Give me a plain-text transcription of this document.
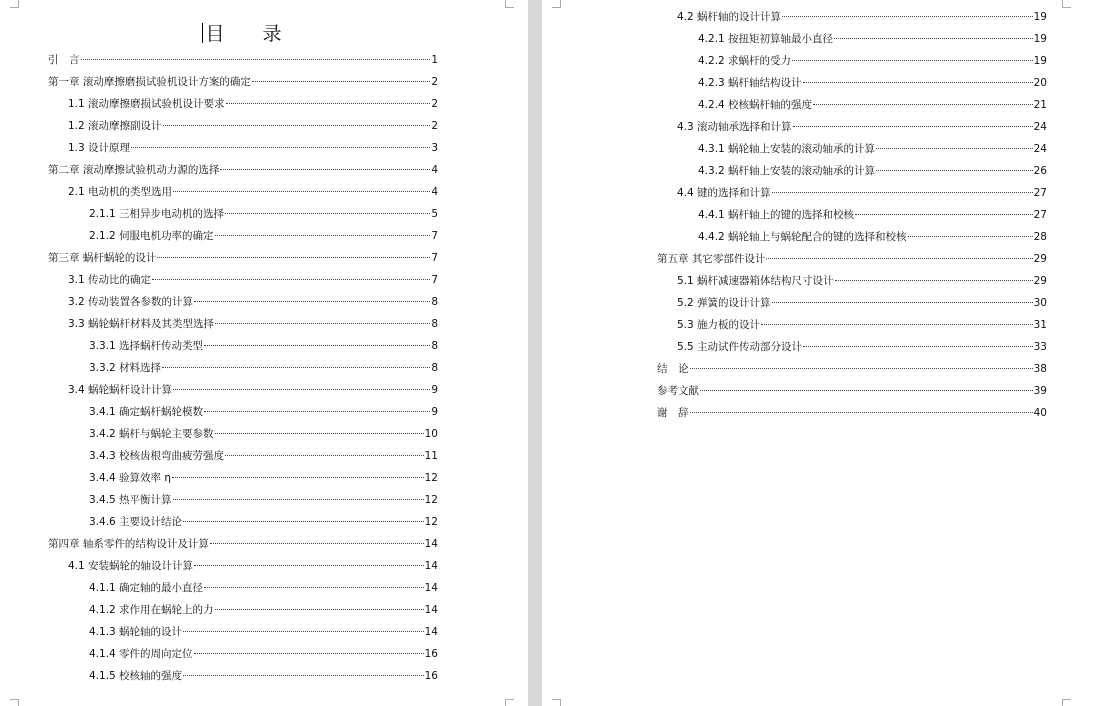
目 录
引　言	1
第一章 滚动摩擦磨损试验机设计方案的确定	2
1.1 滚动摩擦磨损试验机设计要求	2
1.2 滚动摩擦副设计	2
1.3 设计原理	3
第二章 滚动摩擦试验机动力源的选择	4
2.1 电动机的类型选用	4
2.1.1 三相异步电动机的选择	5
2.1.2 伺服电机功率的确定	7
第三章 蜗杆蜗轮的设计	7
3.1 传动比的确定	7
3.2 传动装置各参数的计算	8
3.3 蜗轮蜗杆材料及其类型选择	8
3.3.1 选择蜗杆传动类型	8
3.3.2 材料选择	8
3.4 蜗轮蜗杆设计计算	9
3.4.1 确定蜗杆蜗轮模数	9
3.4.2 蜗杆与蜗轮主要参数	10
3.4.3 校核齿根弯曲疲劳强度	11
3.4.4 验算效率 η	12
3.4.5 热平衡计算	12
3.4.6 主要设计结论	12
第四章 轴系零件的结构设计及计算	14
4.1 安装蜗轮的轴设计计算	14
4.1.1 确定轴的最小直径	14
4.1.2 求作用在蜗轮上的力	14
4.1.3 蜗轮轴的设计	14
4.1.4 零件的周向定位	16
4.1.5 校核轴的强度	16
4.2 蜗杆轴的设计计算	19
4.2.1 按扭矩初算轴最小直径	19
4.2.2 求蜗杆的受力	19
4.2.3 蜗杆轴结构设计	20
4.2.4 校核蜗杆轴的强度	21
4.3 滚动轴承选择和计算	24
4.3.1 蜗轮轴上安装的滚动轴承的计算	24
4.3.2 蜗杆轴上安装的滚动轴承的计算	26
4.4 键的选择和计算	27
4.4.1 蜗杆轴上的键的选择和校核	27
4.4.2 蜗轮轴上与蜗轮配合的键的选择和校核	28
第五章 其它零部件设计	29
5.1 蜗杆减速器箱体结构尺寸设计	29
5.2 弹簧的设计计算	30
5.3 施力板的设计	31
5.5 主动试件传动部分设计	33
结　论	38
参考文献	39
谢　辞	40
